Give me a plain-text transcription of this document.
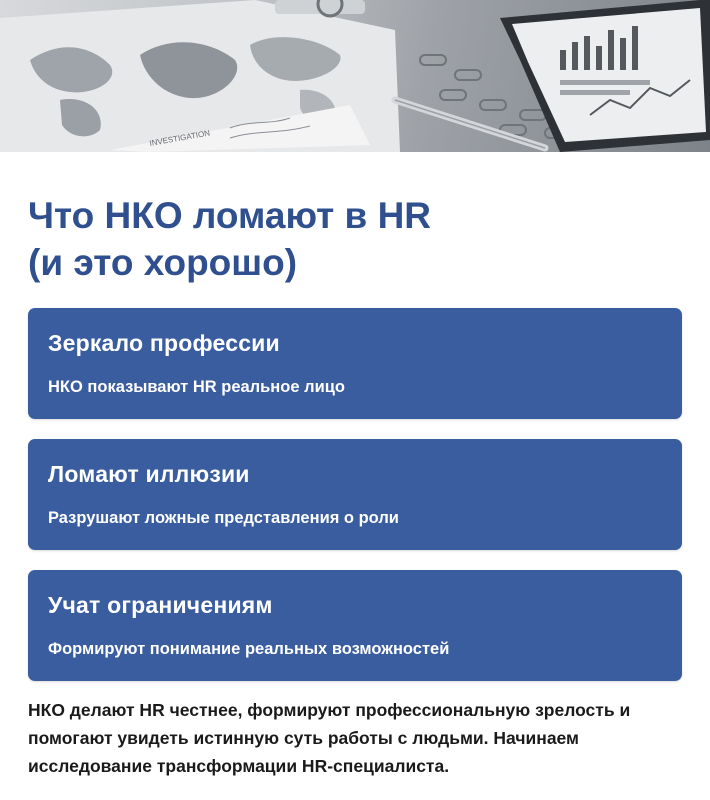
INVESTIGATION
Что НКО ломают в HR
(и это хорошо)
Зеркало профессии
НКО показывают HR реальное лицо
Ломают иллюзии
Разрушают ложные представления о роли
Учат ограничениям
Формируют понимание реальных возможностей

НКО делают HR честнее, формируют профессиональную зрелость и помогают увидеть истинную суть работы с людьми. Начинаем исследование трансформации HR-специалиста.
